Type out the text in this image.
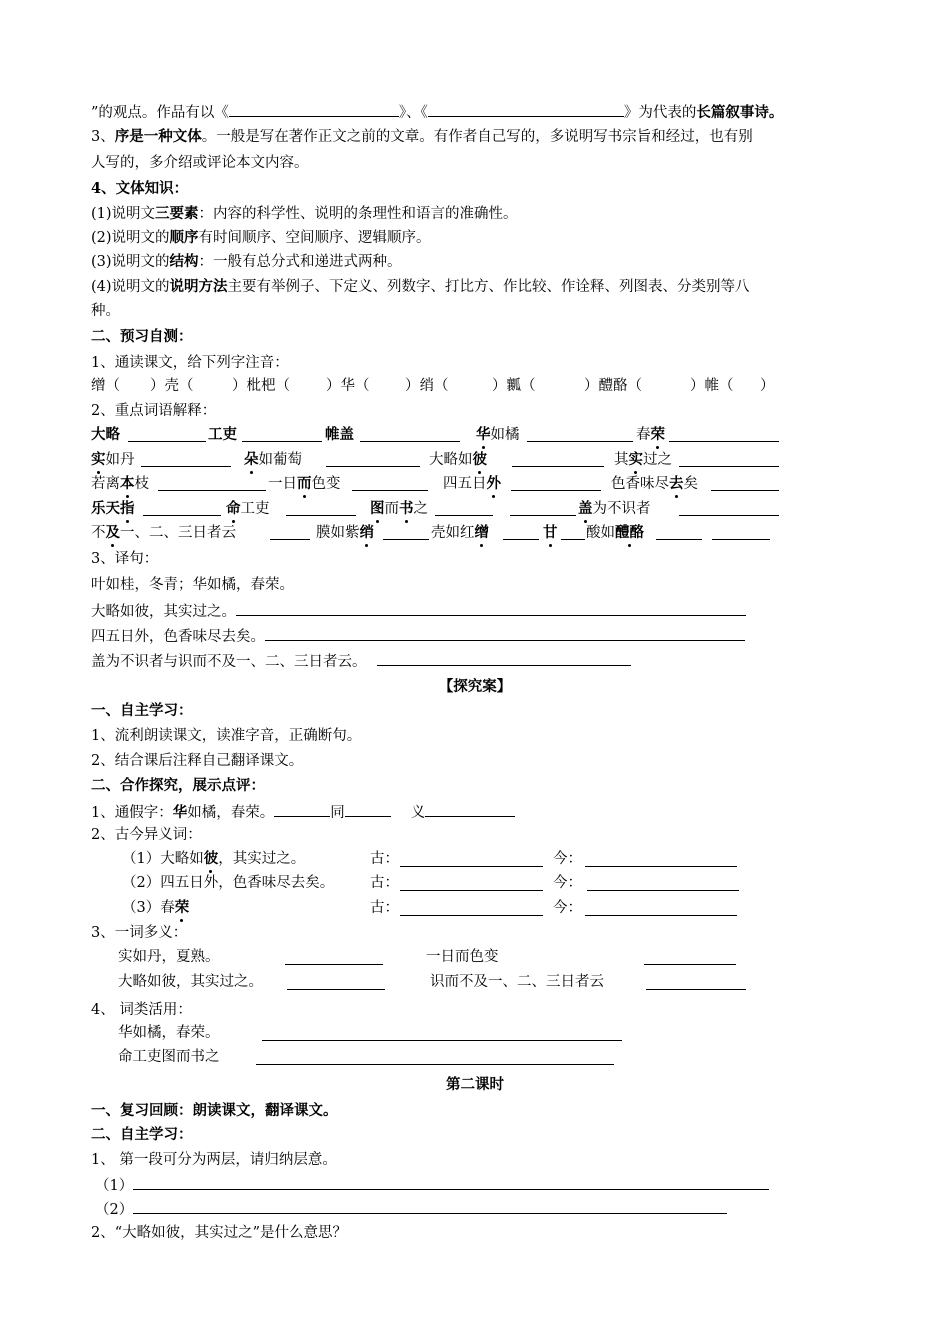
”的观点。作品有以《	》、《	》为代表的长篇叙事诗。
3、序是一种文体。一般是写在著作正文之前的文章。有作者自己写的，多说明写书宗旨和经过，也有别
人写的，多介绍或评论本文内容。
4、文体知识：
(1)说明文三要素：内容的科学性、说明的条理性和语言的准确性。
(2)说明文的顺序有时间顺序、空间顺序、逻辑顺序。
(3)说明文的结构：一般有总分式和递进式两种。
(4)说明文的说明方法主要有举例子、下定义、列数字、打比方、作比较、作诠释、列图表、分类别等八
种。
二、预习自测：
1、通读课文，给下列字注音：
缯（ ）壳（	）枇杷（ ）华（ ）绡（	）瓤（	）醴酪（	）帷（ ）
2、重点词语解释：
大略	工吏	帷盖	华如橘	春荣
实如丹	朵如葡萄	大略如彼	其实过之
若离本枝	一日而色变	四五日外	色香味尽去矣
乐天指	命工吏	图而书之	盖为不识者
不及一、二、三日者云	膜如紫绡	壳如红缯	甘 酸如醴酪
3、译句：
叶如桂，冬青；华如橘，春荣。
大略如彼，其实过之。
四五日外，色香味尽去矣。
盖为不识者与识而不及一、二、三日者云。
【探究案】
一、自主学习：
1、流利朗读课文，读准字音，正确断句。
2、结合课后注释自己翻译课文。
二、合作探究，展示点评：
1、通假字：华如橘，春荣。	同	义
2、古今异义词：
（1）大略如彼，其实过之。	古：	今：
（2）四五日外，色香味尽去矣。 古：	今：
（3）春荣	古：	今：
3、一词多义：
实如丹，夏熟。	一日而色变
大略如彼，其实过之。	识而不及一、二、三日者云
4、 词类活用：
华如橘，春荣。
命工吏图而书之
第二课时
一、复习回顾：朗读课文，翻译课文。
二、自主学习：
1、 第一段可分为两层，请归纳层意。
（1）
（2）
2、“大略如彼，其实过之”是什么意思？
